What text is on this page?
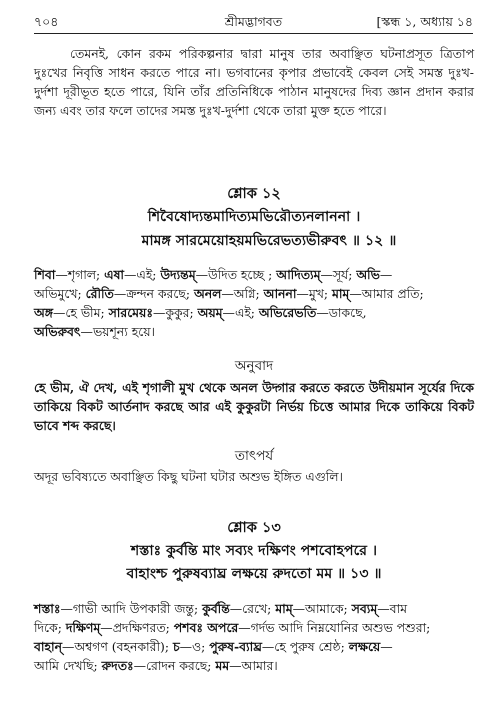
৭০৪	শ্রীমদ্ভাগবত	[স্কন্ধ ১, অধ্যায় ১৪
তেমনই, কোন রকম পরিকল্পনার দ্বারা মানুষ তার অবাঞ্ছিত ঘটনাপ্রসূত ত্রিতাপ দুঃখের নিবৃত্তি সাধন করতে পারে না। ভগবানের কৃপার প্রভাবেই কেবল সেই সমস্ত দুঃখ-দুর্দশা দূরীভূত হতে পারে, যিনি তাঁর প্রতিনিধিকে পাঠান মানুষদের দিব্য জ্ঞান প্রদান করার জন্য এবং তার ফলে তাদের সমস্ত দুঃখ-দুর্দশা থেকে তারা মুক্ত হতে পারে।
শ্লোক ১২
শিবৈষোদ্যন্তমাদিত্যমভিরৌত্যনলাননা ।
মামঙ্গ সারমেয়োহয়মভিরেভত্যভীরুবৎ ॥ ১২ ॥
শিবা—শৃগাল; এষা—এই; উদ্যন্তম্—উদিত হচ্ছে ; আদিত্যম্—সূর্য; অভি—
অভিমুখে; রৌতি—ক্রন্দন করছে; অনল—অগ্নি; আননা—মুখ; মাম্—আমার প্রতি;
অঙ্গ—হে ভীম; সারমেয়ঃ—কুকুর; অয়ম্—এই; অভিরেভতি—ডাকছে,
অভিরুবৎ—ভয়শূন্য হয়ে।
অনুবাদ
হে ভীম, ঐ দেখ, এই শৃগালী মুখ থেকে অনল উদ্গার করতে করতে উদীয়মান সূর্যের দিকে তাকিয়ে বিকট আর্তনাদ করছে আর এই কুকুরটা নির্ভয় চিত্তে আমার দিকে তাকিয়ে বিকট ভাবে শব্দ করছে।
তাৎপর্য
অদূর ভবিষ্যতে অবাঞ্ছিত কিছু ঘটনা ঘটার অশুভ ইঙ্গিত এগুলি।
শ্লোক ১৩
শস্তাঃ কুর্বন্তি মাং সব্যং দক্ষিণং পশবোহপরে ।
বাহাংশ্চ পুরুষব্যাঘ্র লক্ষয়ে রুদতো মম ॥ ১৩ ॥
শস্তাঃ—গাভী আদি উপকারী জন্তু; কুর্বন্তি—রেখে; মাম্—আমাকে; সব্যম্—বাম
দিকে; দক্ষিণম্—প্রদক্ষিণরত; পশবঃ অপরে—গর্দভ আদি নিম্নযোনির অশুভ পশুরা;
বাহান্—অশ্বগণ (বহনকারী); চ—ও; পুরুষ-ব্যাঘ্র—হে পুরুষ শ্রেষ্ঠ; লক্ষয়ে—
আমি দেখছি; রুদতঃ—রোদন করছে; মম—আমার।
